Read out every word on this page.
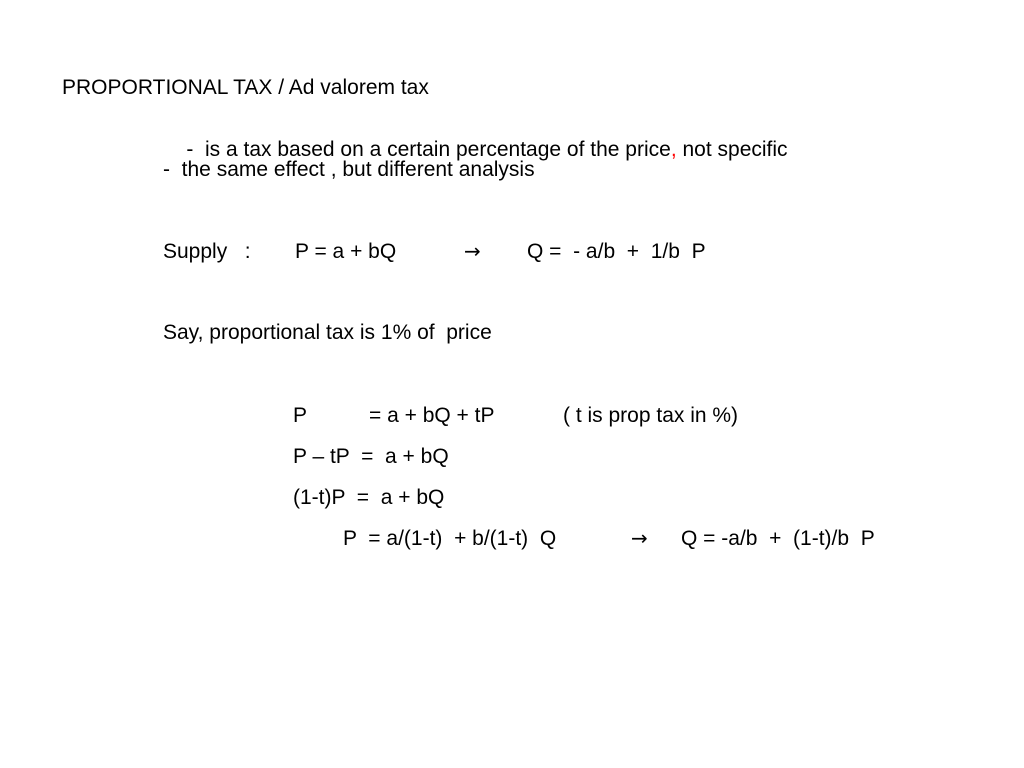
PROPORTIONAL TAX / Ad valorem tax

-  is a tax based on a certain percentage of the price, not specific

-  the same effect , but different analysis
Supply   : P = a + bQ	→ Q =  - a/b  +  1/b  P
Say, proportional tax is 1% of  price
P	= a + bQ + tP	( t is prop tax in %)
P – tP  =  a + bQ
(1-t)P  =  a + bQ
P  = a/(1-t)  + b/(1-t)  Q	→ Q = -a/b  +  (1-t)/b  P
